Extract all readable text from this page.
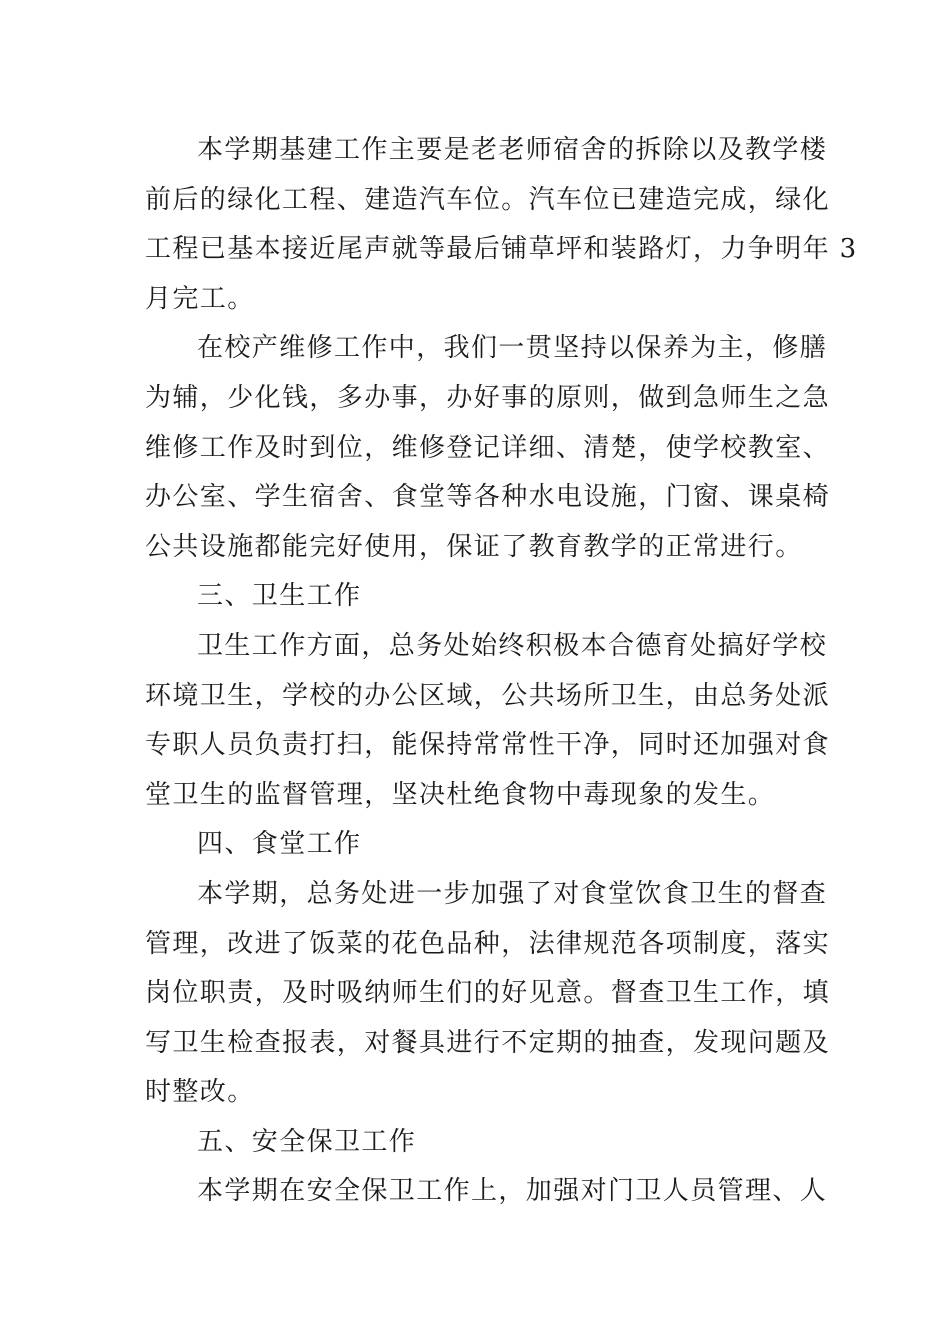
本学期基建工作主要是老老师宿舍的拆除以及教学楼
前后的绿化工程、建造汽车位。汽车位已建造完成，绿化
工程已基本接近尾声就等最后铺草坪和装路灯，力争明年 3
月完工。
在校产维修工作中，我们一贯坚持以保养为主，修膳
为辅，少化钱，多办事，办好事的原则，做到急师生之急
维修工作及时到位，维修登记详细、清楚，使学校教室、
办公室、学生宿舍、食堂等各种水电设施，门窗、课桌椅
公共设施都能完好使用，保证了教育教学的正常进行。
三、卫生工作
卫生工作方面，总务处始终积极本合德育处搞好学校
环境卫生，学校的办公区域，公共场所卫生，由总务处派
专职人员负责打扫，能保持常常性干净，同时还加强对食
堂卫生的监督管理，坚决杜绝食物中毒现象的发生。
四、食堂工作
本学期，总务处进一步加强了对食堂饮食卫生的督查
管理，改进了饭菜的花色品种，法律规范各项制度，落实
岗位职责，及时吸纳师生们的好见意。督查卫生工作，填
写卫生检查报表，对餐具进行不定期的抽查，发现问题及
时整改。
五、安全保卫工作
本学期在安全保卫工作上，加强对门卫人员管理、人
